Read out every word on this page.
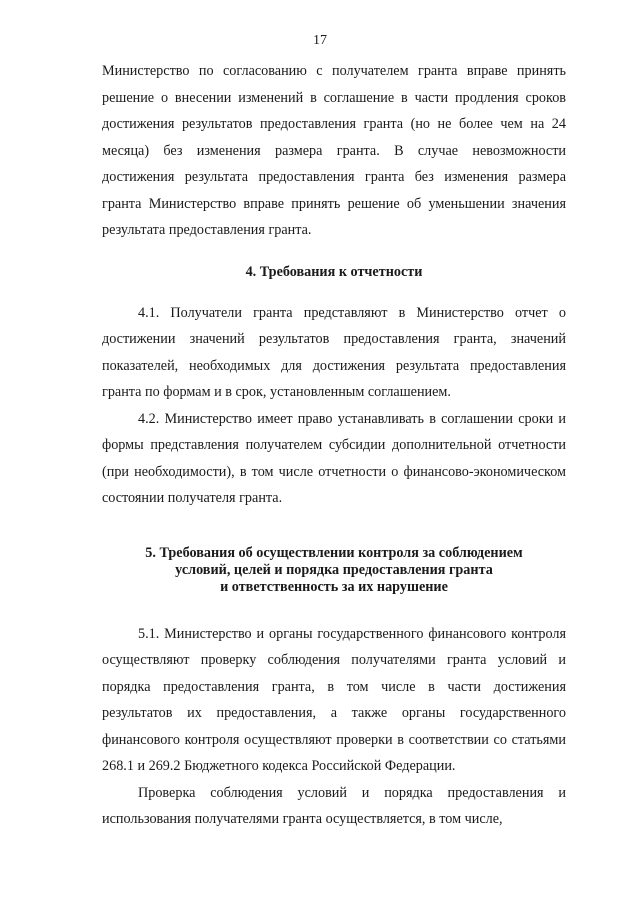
17

Министерство по согласованию с получателем гранта вправе принять решение о внесении изменений в соглашение в части продления сроков достижения результатов предоставления гранта (но не более чем на 24 месяца) без изменения размера гранта. В случае невозможности достижения результата предоставления гранта без изменения размера гранта Министерство вправе принять решение об уменьшении значения результата предоставления гранта.

4. Требования к отчетности

4.1. Получатели гранта представляют в Министерство отчет о достижении значений результатов предоставления гранта, значений показателей, необходимых для достижения результата предоставления гранта по формам и в срок, установленным соглашением.

4.2. Министерство имеет право устанавливать в соглашении сроки и формы представления получателем субсидии дополнительной отчетности (при необходимости), в том числе отчетности о финансово-экономическом состоянии получателя гранта.

5. Требования об осуществлении контроля за соблюдением
условий, целей и порядка предоставления гранта
и ответственность за их нарушение

5.1. Министерство и органы государственного финансового контроля осуществляют проверку соблюдения получателями гранта условий и порядка предоставления гранта, в том числе в части достижения результатов их предоставления, а также органы государственного финансового контроля осуществляют проверки в соответствии со статьями 268.1 и 269.2 Бюджетного кодекса Российской Федерации.

Проверка соблюдения условий и порядка предоставления и использования получателями гранта осуществляется, в том числе,
